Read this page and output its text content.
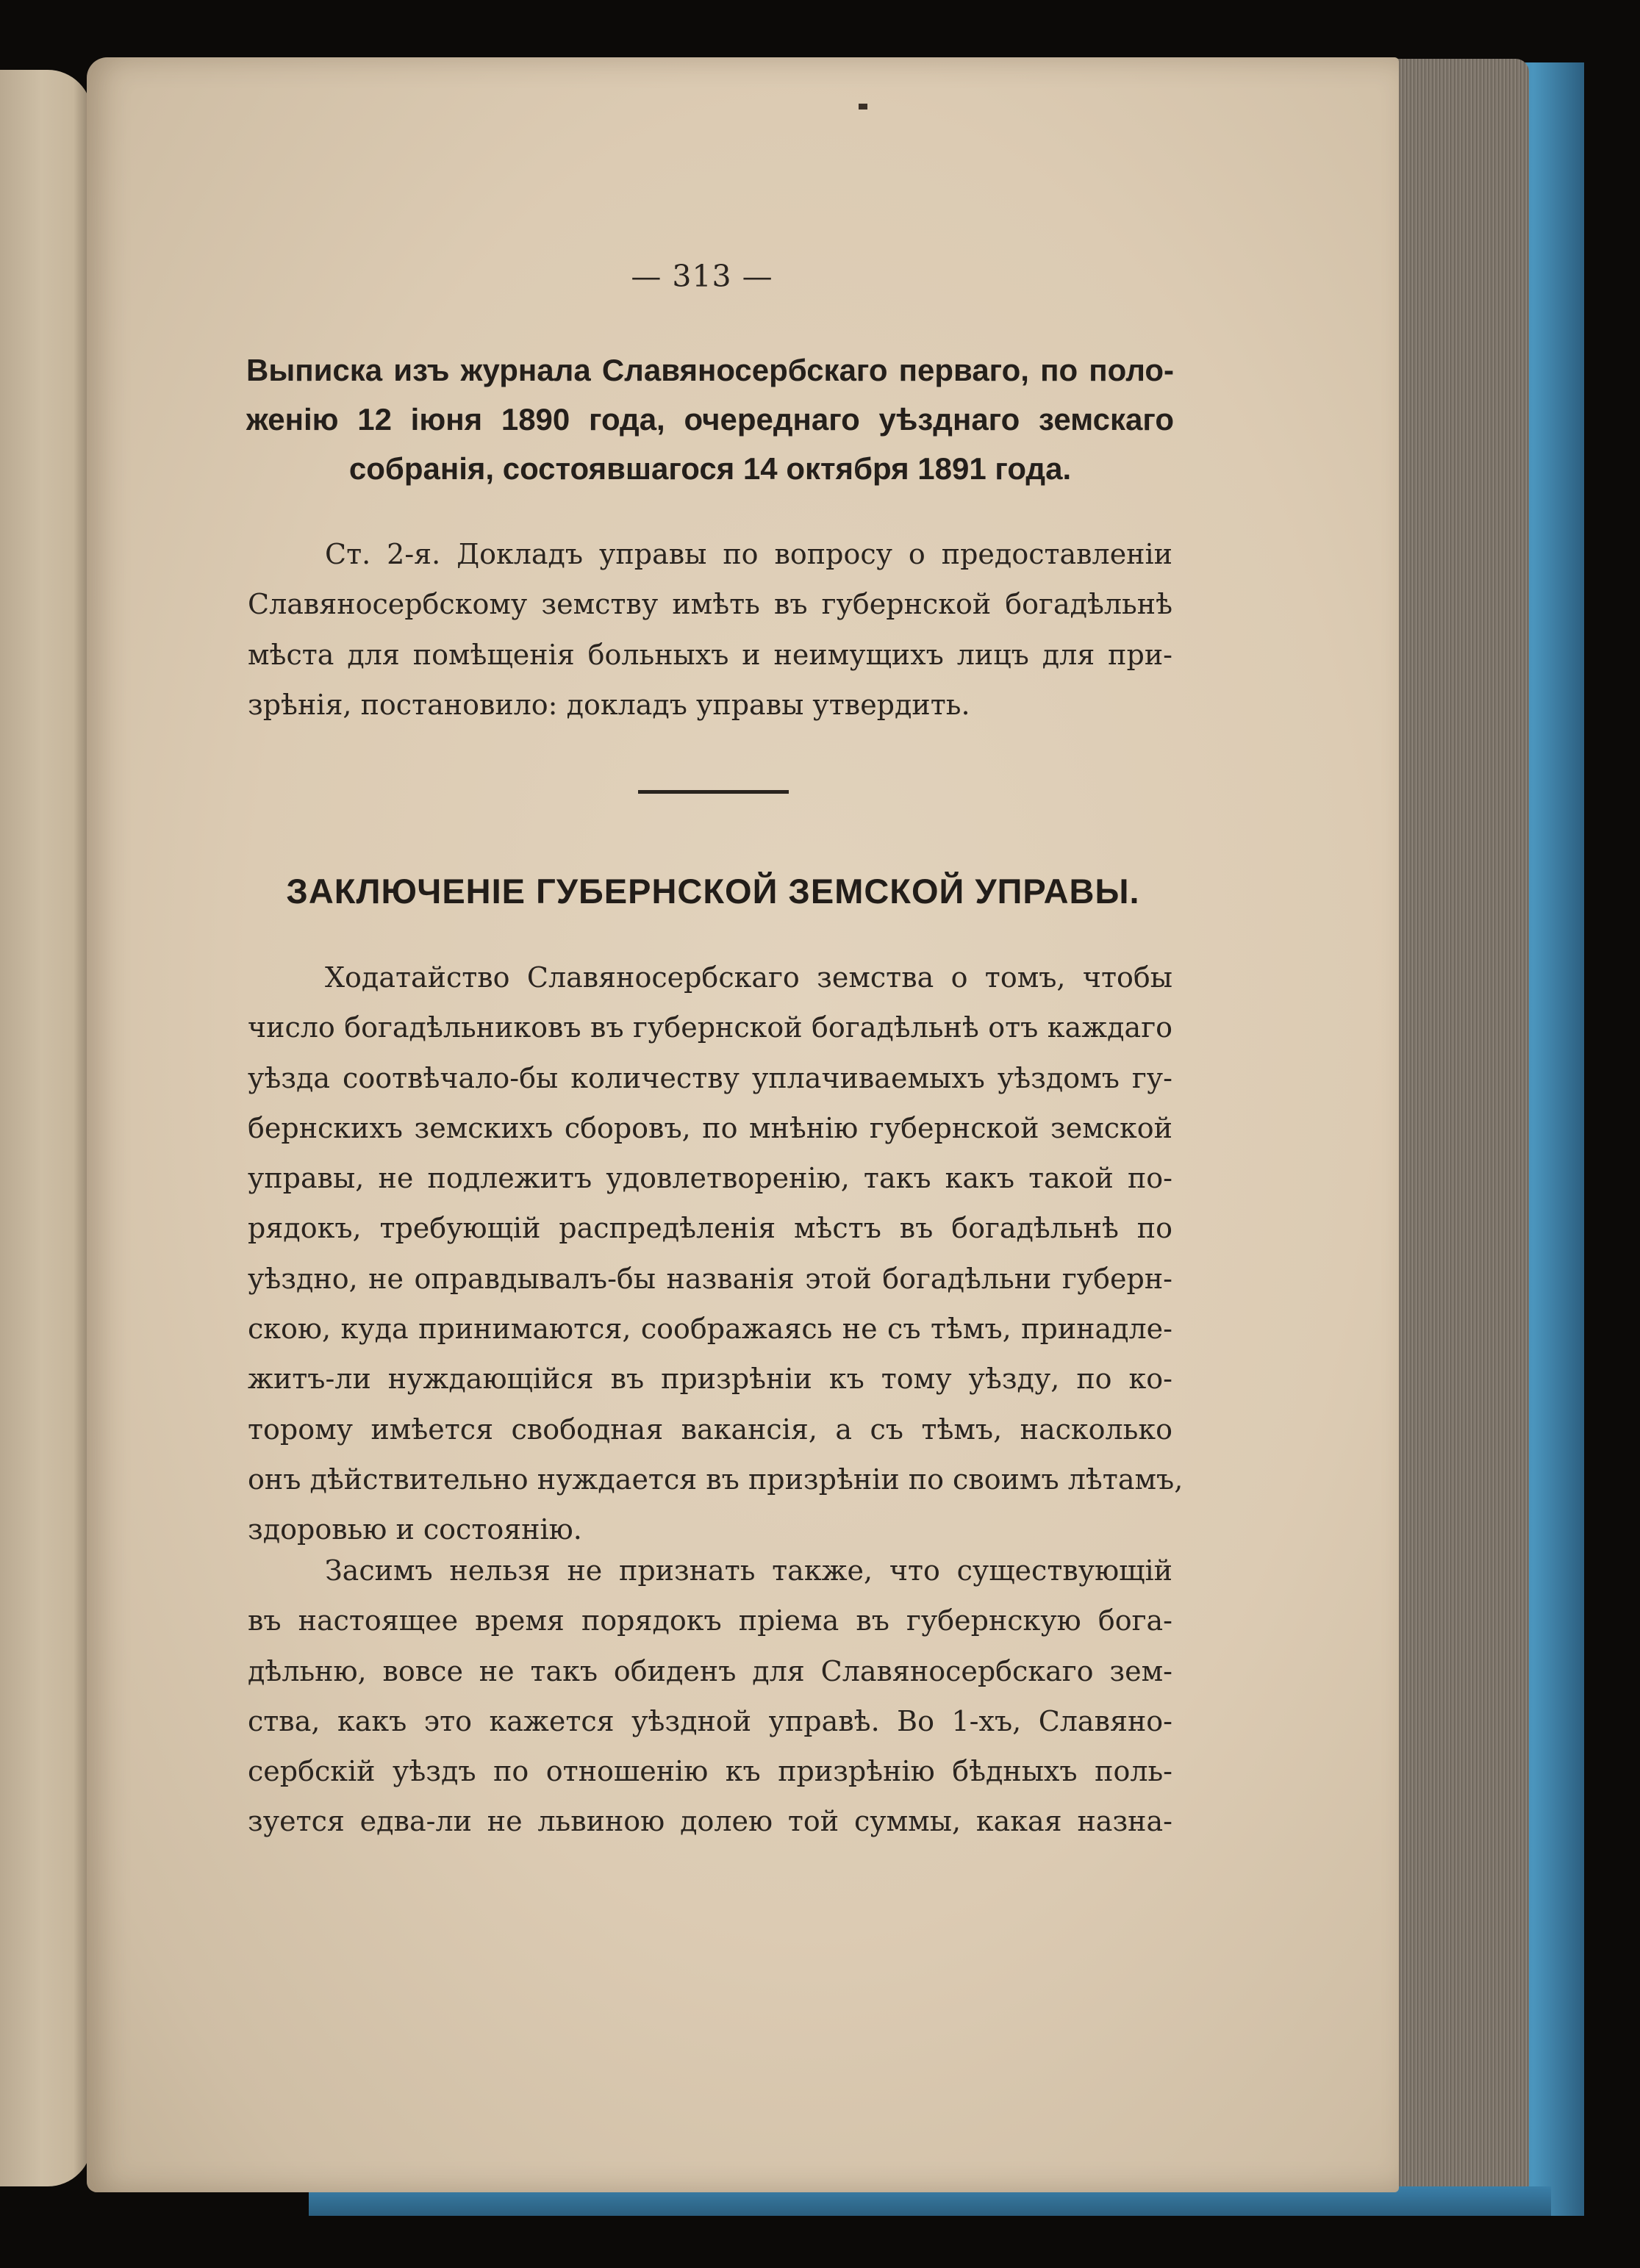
— 313 —
Выписка изъ журнала Славяносербскаго перваго, по поло-
женію 12 іюня 1890 года, очереднаго уѣзднаго земскаго
собранія, состоявшагося 14 октября 1891 года.
Ст. 2-я. Докладъ управы по вопросу о предоставленіи
Славяносербскому земству имѣть въ губернской богадѣльнѣ
мѣста для помѣщенія больныхъ и неимущихъ лицъ для при-
зрѣнія, постановило: докладъ управы утвердить.
ЗАКЛЮЧЕНІЕ ГУБЕРНСКОЙ ЗЕМСКОЙ УПРАВЫ.
Ходатайство Славяносербскаго земства о томъ, чтобы
число богадѣльниковъ въ губернской богадѣльнѣ отъ каждаго
уѣзда соотвѣчало-бы количеству уплачиваемыхъ уѣздомъ гу-
бернскихъ земскихъ сборовъ, по мнѣнію губернской земской
управы, не подлежитъ удовлетворенію, такъ какъ такой по-
рядокъ, требующій распредѣленія мѣстъ въ богадѣльнѣ по
уѣздно, не оправдывалъ-бы названія этой богадѣльни губерн-
скою, куда принимаются, соображаясь не съ тѣмъ, принадле-
житъ-ли нуждающійся въ призрѣніи къ тому уѣзду, по ко-
торому имѣется свободная вакансія, а съ тѣмъ, насколько
онъ дѣйствительно нуждается въ призрѣніи по своимъ лѣтамъ,
здоровью и состоянію.
Засимъ нельзя не признать также, что существующій
въ настоящее время порядокъ пріема въ губернскую бога-
дѣльню, вовсе не такъ обиденъ для Славяносербскаго зем-
ства, какъ это кажется уѣздной управѣ. Во 1-хъ, Славяно-
сербскій уѣздъ по отношенію къ призрѣнію бѣдныхъ поль-
зуется едва-ли не львиною долею той суммы, какая назна-
